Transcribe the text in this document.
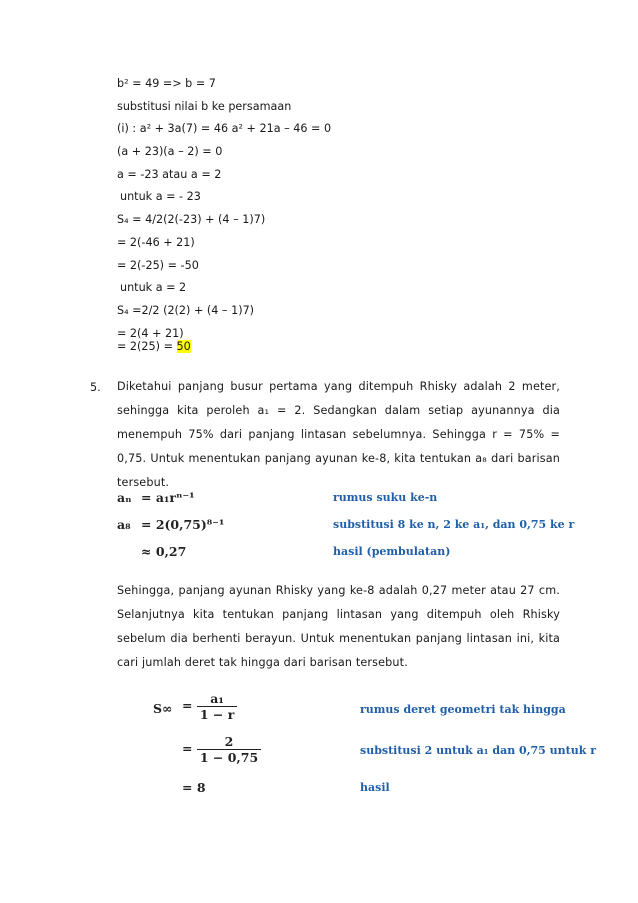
b² = 49 => b = 7
substitusi nilai b ke persamaan
(i) : a² + 3a(7) = 46 a² + 21a – 46 = 0
(a + 23)(a – 2) = 0
a = -23 atau a = 2
untuk a = - 23
S₄ = 4/2(2(-23) + (4 – 1)7)
= 2(-46 + 21)
= 2(-25) = -50
untuk a = 2
S₄ =2/2 (2(2) + (4 – 1)7)
= 2(4 + 21)
= 2(25) = 50
5. Diketahui panjang busur pertama yang ditempuh Rhisky adalah 2 meter, sehingga kita peroleh a₁ = 2. Sedangkan dalam setiap ayunannya dia menempuh 75% dari panjang lintasan sebelumnya. Sehingga r = 75% = 0,75. Untuk menentukan panjang ayunan ke-8, kita tentukan a₈ dari barisan tersebut.
aₙ = a₁rⁿ⁻¹	rumus suku ke-n
a₈ = 2(0,75)⁸⁻¹	substitusi 8 ke n, 2 ke a₁, dan 0,75 ke r
≈ 0,27	hasil (pembulatan)
Sehingga, panjang ayunan Rhisky yang ke-8 adalah 0,27 meter atau 27 cm. Selanjutnya kita tentukan panjang lintasan yang ditempuh oleh Rhisky sebelum dia berhenti berayun. Untuk menentukan panjang lintasan ini, kita cari jumlah deret tak hingga dari barisan tersebut.
$S\infty = \frac{\text{a₁}}{1 - r}$	rumus deret geometri tak hingga
= $\frac{2}{1 - 0,75}$	substitusi 2 untuk a₁ dan 0,75 untuk r
= 8	hasil
